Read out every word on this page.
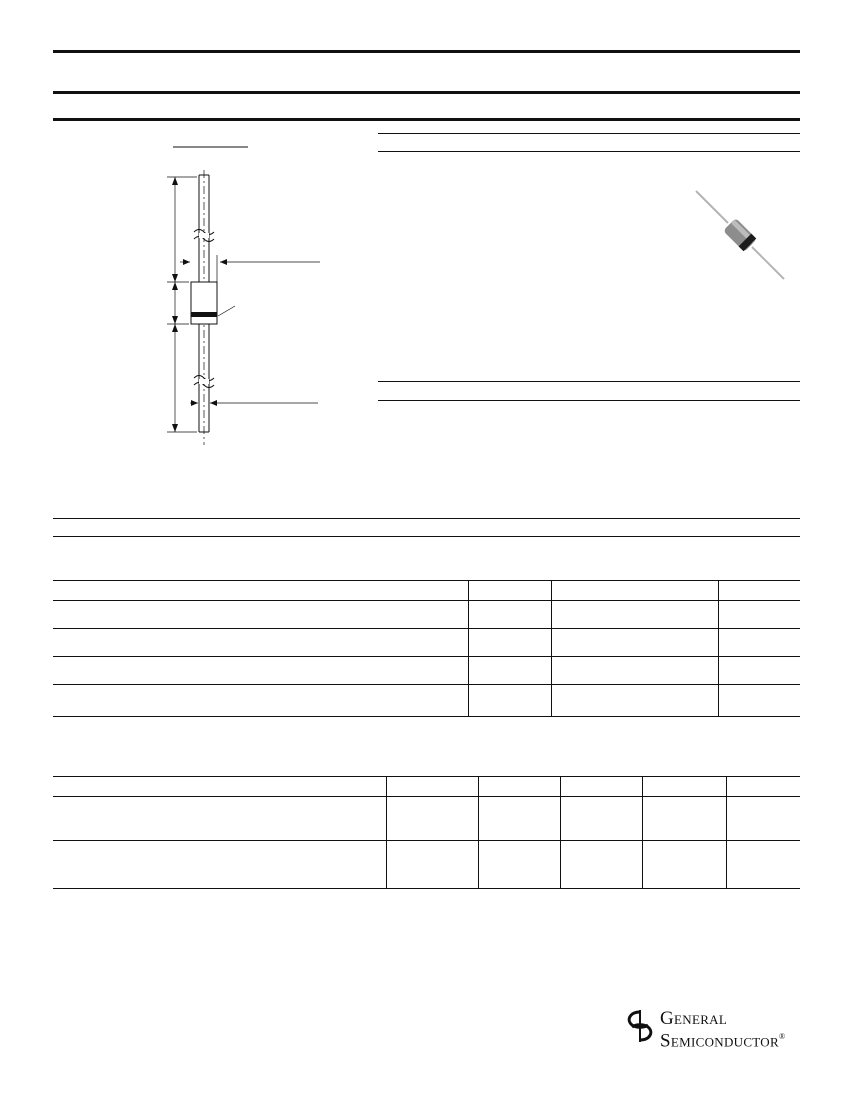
General
Semiconductor®
